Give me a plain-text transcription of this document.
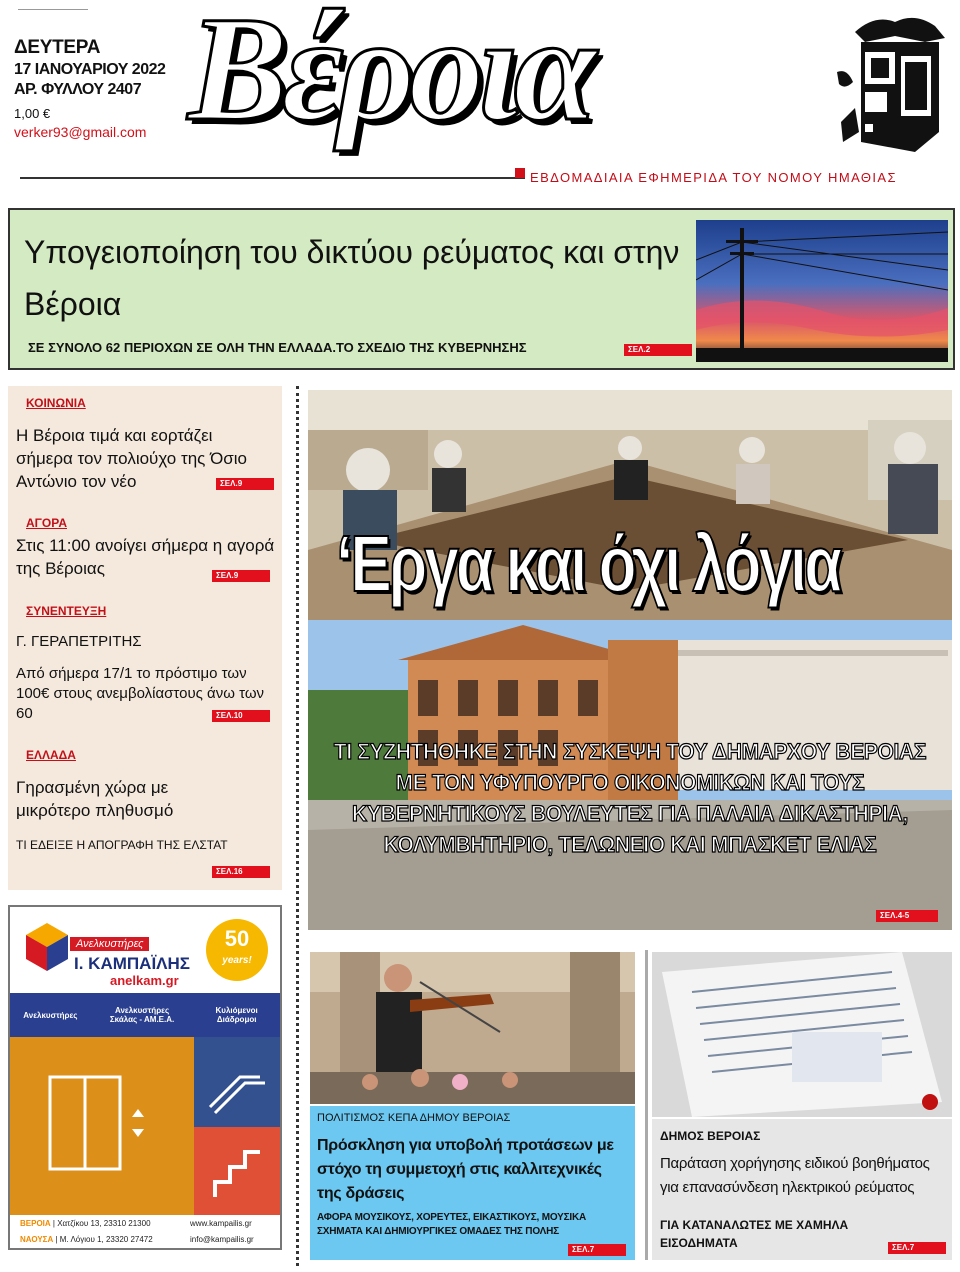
ΔΕΥΤΕΡΑ
17 ΙΑΝΟΥΑΡΙΟΥ 2022
ΑΡ. ΦΥΛΛΟΥ 2407
1,00 €
verker93@gmail.com Βέροια
ΕΒΔΟΜΑΔΙΑΙΑ ΕΦΗΜΕΡΙΔΑ ΤΟΥ ΝΟΜΟΥ ΗΜΑΘΙΑΣ
Υπογειοποίηση του δικτύου ρεύματος και στην Βέροια
ΣΕ ΣΥΝΟΛΟ 62 ΠΕΡΙΟΧΩΝ ΣΕ ΟΛΗ ΤΗΝ ΕΛΛΑΔΑ.ΤΟ ΣΧΕΔΙΟ ΤΗΣ ΚΥΒΕΡΝΗΣΗΣ	ΣΕΛ.2
ΚΟΙΝΩΝΙΑ
Η Βέροια τιμά και εορτάζει σήμερα τον πολιούχο της Όσιο Αντώνιο τον νέο	ΣΕΛ.9
ΑΓΟΡΑ
Στις 11:00 ανοίγει σήμερα η αγορά της Βέροιας	ΣΕΛ.9
ΣΥΝΕΝΤΕΥΞΗ
Γ. ΓΕΡΑΠΕΤΡΙΤΗΣ
Από σήμερα 17/1 το πρόστιμο των 100€ στους ανεμβολίαστους άνω των 60	ΣΕΛ.10
ΕΛΛΑΔΑ
Γηρασμένη χώρα με μικρότερο πληθυσμό
ΤΙ ΕΔΕΙΞΕ Η ΑΠΟΓΡΑΦΗ ΤΗΣ ΕΛΣΤΑΤ
ΣΕΛ.16
‘Εργα και όχι λόγια
ΤΙ ΣΥΖΗΤΗΘΗΚΕ ΣΤΗΝ ΣΥΣΚΕΨΗ ΤΟΥ ΔΗΜΑΡΧΟΥ ΒΕΡΟΙΑΣ ΜΕ ΤΟΝ ΥΦΥΠΟΥΡΓΟ ΟΙΚΟΝΟΜΙΚΩΝ ΚΑΙ ΤΟΥΣ ΚΥΒΕΡΝΗΤΙΚΟΥΣ ΒΟΥΛΕΥΤΕΣ ΓΙΑ ΠΑΛΑΙΑ ΔΙΚΑΣΤΗΡΙΑ, ΚΟΛΥΜΒΗΤΗΡΙΟ, ΤΕΛΩΝΕΙΟ ΚΑΙ ΜΠΑΣΚΕΤ ΕΛΙΑΣ
ΣΕΛ.4-5
Ανελκυστήρες
Ι. ΚΑΜΠΑΪΛΗΣ
anelkam.gr
50
years!
Ανελκυστήρες	Ανελκυστήρες Σκάλας - ΑΜ.Ε.Α.
Κυλιόμενοι Διάδρομοι
ΒΕΡΟΙΑ | Χατζίκου 13, 23310 21300
ΝΑΟΥΣΑ | Μ. Λόγιου 1, 23320 27472
www.kampailis.gr
info@kampailis.gr
ΠΟΛΙΤΙΣΜΟΣ ΚΕΠΑ ΔΗΜΟΥ ΒΕΡΟΙΑΣ
Πρόσκληση για υποβολή προτάσεων με στόχο τη συμμετοχή στις καλλιτεχνικές της δράσεις
ΑΦΟΡΑ ΜΟΥΣΙΚΟΥΣ, ΧΟΡΕΥΤΕΣ, ΕΙΚΑΣΤΙΚΟΥΣ, ΜΟΥΣΙΚΑ ΣΧΗΜΑΤΑ ΚΑΙ ΔΗΜΙΟΥΡΓΙΚΕΣ ΟΜΑΔΕΣ ΤΗΣ ΠΟΛΗΣ
ΣΕΛ.7
ΔΗΜΟΣ ΒΕΡΟΙΑΣ
Παράταση χορήγησης ειδικού βοηθήματος για επανασύνδεση ηλεκτρικού ρεύματος
ΓΙΑ ΚΑΤΑΝΑΛΩΤΕΣ ΜΕ ΧΑΜΗΛΑ ΕΙΣΟΔΗΜΑΤΑ	ΣΕΛ.7
